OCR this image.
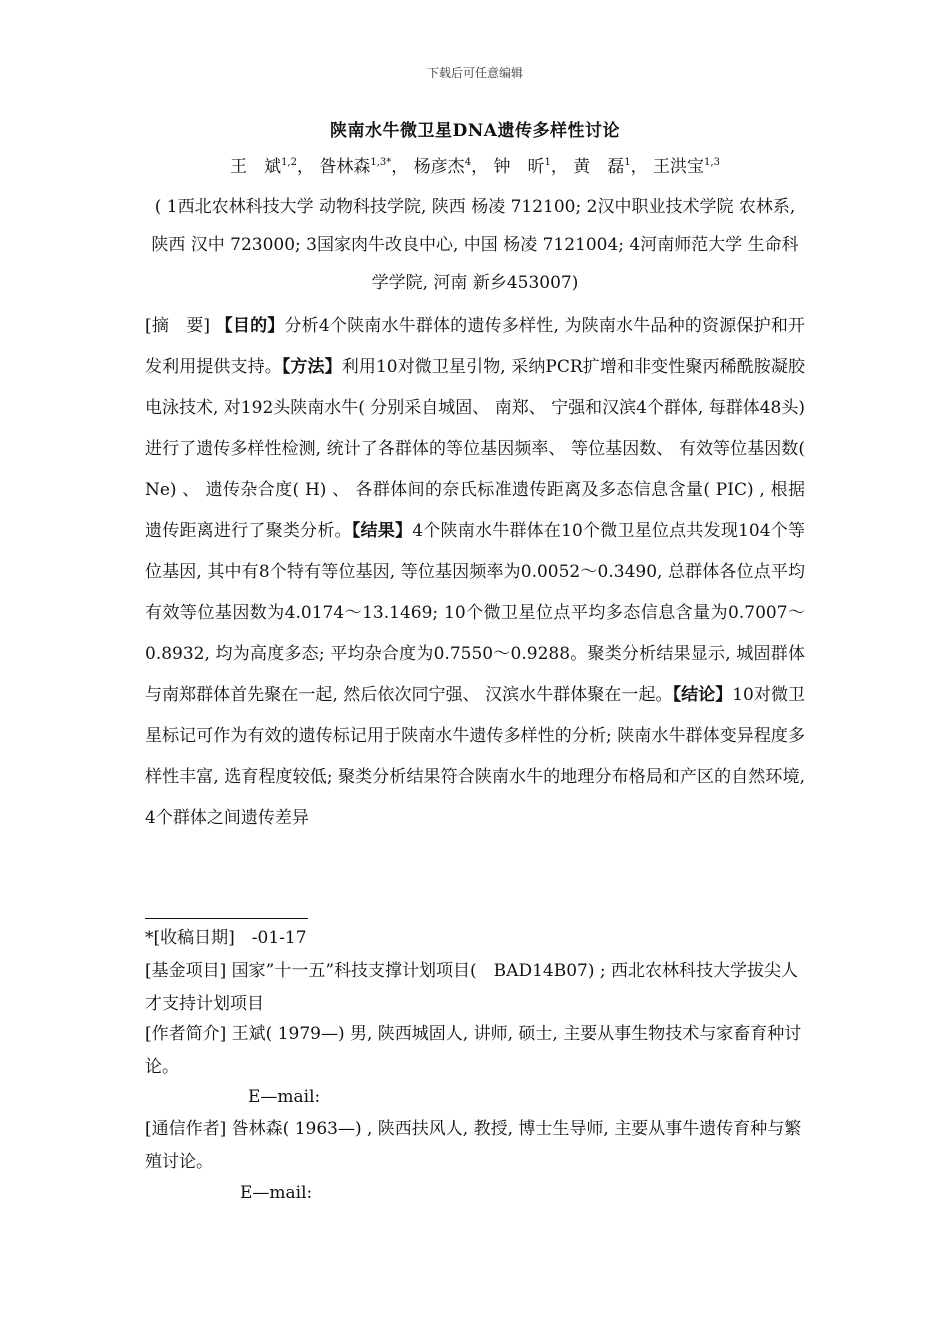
下载后可任意编辑
陕南水牛微卫星DNA遗传多样性讨论
王　斌$^{1,2}$， 昝林森$^{1,3*}$， 杨彦杰$^4$， 钟　昕$^1$， 黄　磊$^1$， 王洪宝$^{1,3}$
( 1西北农林科技大学 动物科技学院, 陕西 杨凌 712100; 2汉中职业技术学院 农林系, 陕西 汉中 723000; 3国家肉牛改良中心, 中国 杨凌 7121004; 4河南师范大学 生命科学学院, 河南 新乡453007)
[摘　要] 【目的】分析4个陕南水牛群体的遗传多样性, 为陕南水牛品种的资源保护和开发利用提供支持。【方法】利用10对微卫星引物, 采纳PCR扩增和非变性聚丙稀酰胺凝胶电泳技术, 对192头陕南水牛( 分别采自城固、 南郑、 宁强和汉滨4个群体, 每群体48头) 进行了遗传多样性检测, 统计了各群体的等位基因频率、 等位基因数、 有效等位基因数( Ne) 、 遗传杂合度( H) 、 各群体间的奈氏标准遗传距离及多态信息含量( PIC) , 根据遗传距离进行了聚类分析。【结果】4个陕南水牛群体在10个微卫星位点共发现104个等位基因, 其中有8个特有等位基因, 等位基因频率为0.0052～0.3490, 总群体各位点平均有效等位基因数为4.0174～13.1469; 10个微卫星位点平均多态信息含量为0.7007～0.8932, 均为高度多态; 平均杂合度为0.7550～0.9288。聚类分析结果显示, 城固群体与南郑群体首先聚在一起, 然后依次同宁强、 汉滨水牛群体聚在一起。【结论】10对微卫星标记可作为有效的遗传标记用于陕南水牛遗传多样性的分析; 陕南水牛群体变异程度多样性丰富, 选育程度较低; 聚类分析结果符合陕南水牛的地理分布格局和产区的自然环境, 4个群体之间遗传差异
*[收稿日期]　-01-17
[基金项目] 国家”十一五”科技支撑计划项目(　BAD14B07) ; 西北农林科技大学拔尖人才支持计划项目
[作者简介] 王斌( 1979—) 男, 陕西城固人, 讲师, 硕士, 主要从事生物技术与家畜育种讨论。
E—mail:
[通信作者] 昝林森( 1963—) , 陕西扶风人, 教授, 博士生导师, 主要从事牛遗传育种与繁殖讨论。
E—mail:
